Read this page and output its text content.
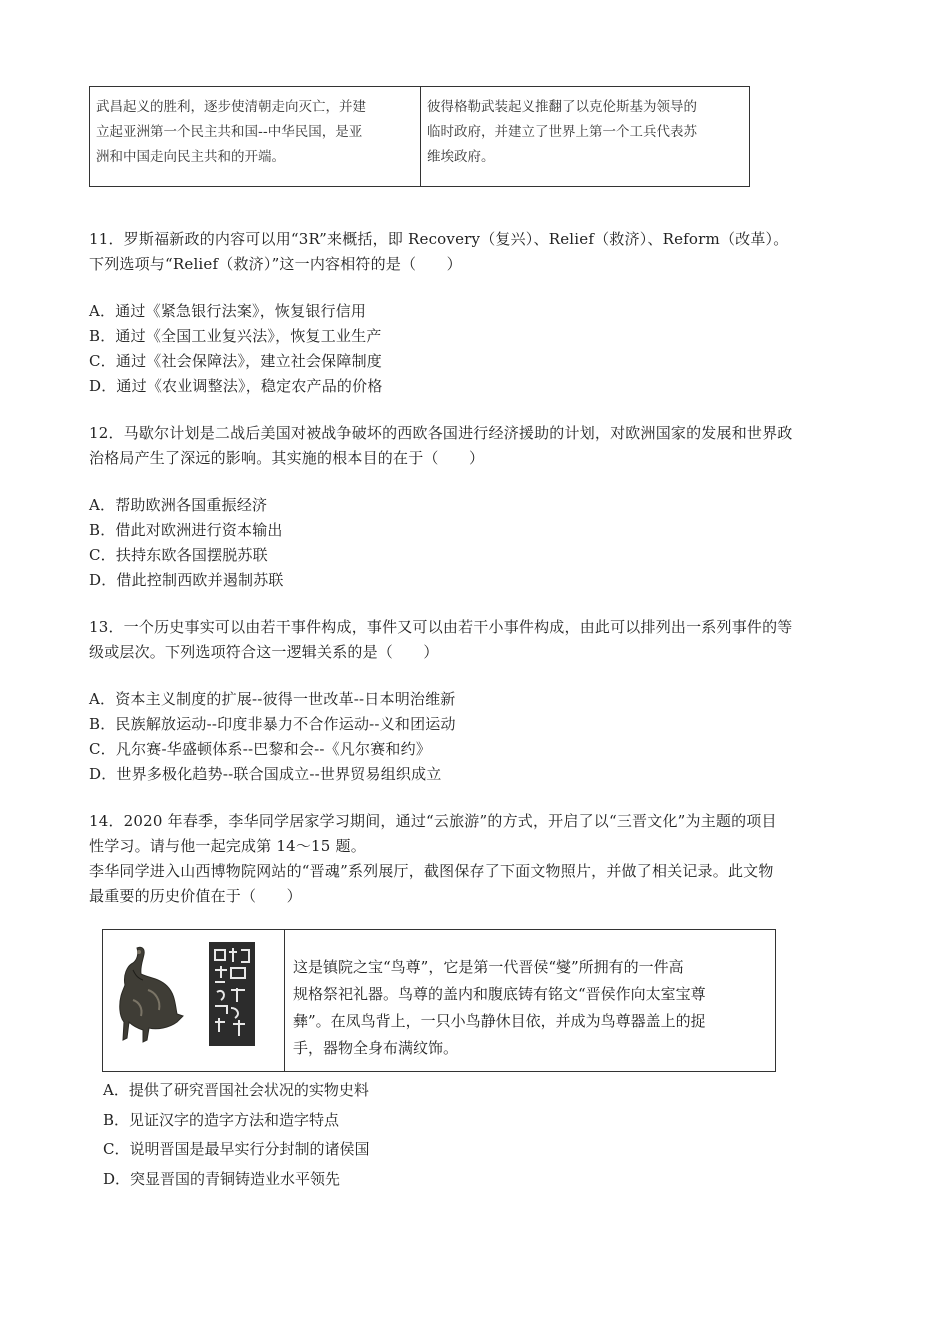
武昌起义的胜利，逐步使清朝走向灭亡，并建
立起亚洲第一个民主共和国--中华民国，是亚
洲和中国走向民主共和的开端。
彼得格勒武装起义推翻了以克伦斯基为领导的
临时政府，并建立了世界上第一个工兵代表苏
维埃政府。
11．罗斯福新政的内容可以用“3R”来概括，即 Recovery（复兴）、Relief（救济）、Reform（改革）。
下列选项与“Relief（救济）”这一内容相符的是（　　）
A．通过《紧急银行法案》，恢复银行信用
B．通过《全国工业复兴法》，恢复工业生产
C．通过《社会保障法》，建立社会保障制度
D．通过《农业调整法》，稳定农产品的价格
12．马歇尔计划是二战后美国对被战争破坏的西欧各国进行经济援助的计划，对欧洲国家的发展和世界政
治格局产生了深远的影响。其实施的根本目的在于（　　）
A．帮助欧洲各国重振经济
B．借此对欧洲进行资本输出
C．扶持东欧各国摆脱苏联
D．借此控制西欧并遏制苏联
13．一个历史事实可以由若干事件构成，事件又可以由若干小事件构成，由此可以排列出一系列事件的等
级或层次。下列选项符合这一逻辑关系的是（　　）
A．资本主义制度的扩展--彼得一世改革--日本明治维新
B．民族解放运动--印度非暴力不合作运动--义和团运动
C．凡尔赛-华盛顿体系--巴黎和会--《凡尔赛和约》
D．世界多极化趋势--联合国成立--世界贸易组织成立
14．2020 年春季，李华同学居家学习期间，通过“云旅游”的方式，开启了以“三晋文化”为主题的项目
性学习。请与他一起完成第 14～15 题。
李华同学进入山西博物院网站的“晋魂”系列展厅，截图保存了下面文物照片，并做了相关记录。此文物
最重要的历史价值在于（　　）
这是镇院之宝“鸟尊”，它是第一代晋侯“燮”所拥有的一件高
规格祭祀礼器。鸟尊的盖内和腹底铸有铭文“晋侯作向太室宝尊
彝”。在凤鸟背上，一只小鸟静休目依，并成为鸟尊器盖上的捉
手，器物全身布满纹饰。
A．提供了研究晋国社会状况的实物史料
B．见证汉字的造字方法和造字特点
C．说明晋国是最早实行分封制的诸侯国
D．突显晋国的青铜铸造业水平领先
